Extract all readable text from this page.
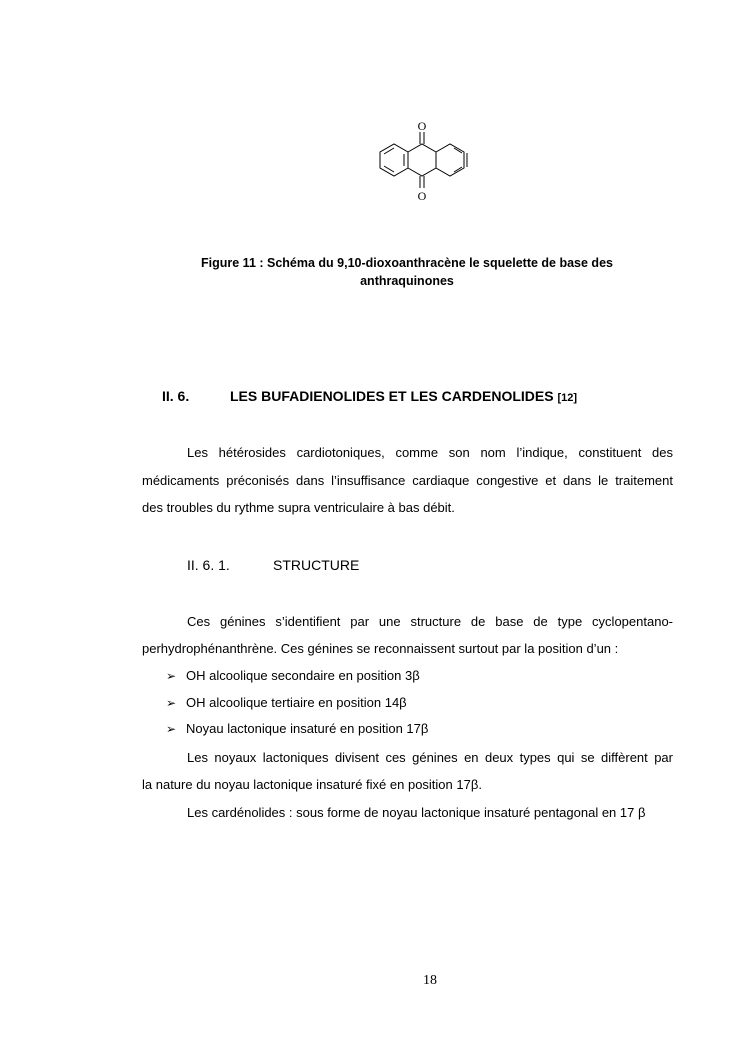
O
O
Figure 11 : Schéma du 9,10-dioxoanthracène le squelette de base des
anthraquinones
II. 6.	LES BUFADIENOLIDES ET LES CARDENOLIDES [12]
Les hétérosides cardiotoniques, comme son nom l’indique, constituent des
médicaments préconisés dans l’insuffisance cardiaque congestive et dans le traitement
des troubles du rythme supra ventriculaire à bas débit.
II. 6. 1.	STRUCTURE
Ces génines s’identifient par une structure de base de type cyclopentano-
perhydrophénanthrène. Ces génines se reconnaissent surtout par la position d’un :
➢ OH alcoolique secondaire en position 3β
➢ OH alcoolique tertiaire en position 14β
➢ Noyau lactonique insaturé en position 17β
Les noyaux lactoniques divisent ces génines en deux types qui se diffèrent par
la nature du noyau lactonique insaturé fixé en position 17β.
Les cardénolides : sous forme de noyau lactonique insaturé pentagonal en 17 β
18
